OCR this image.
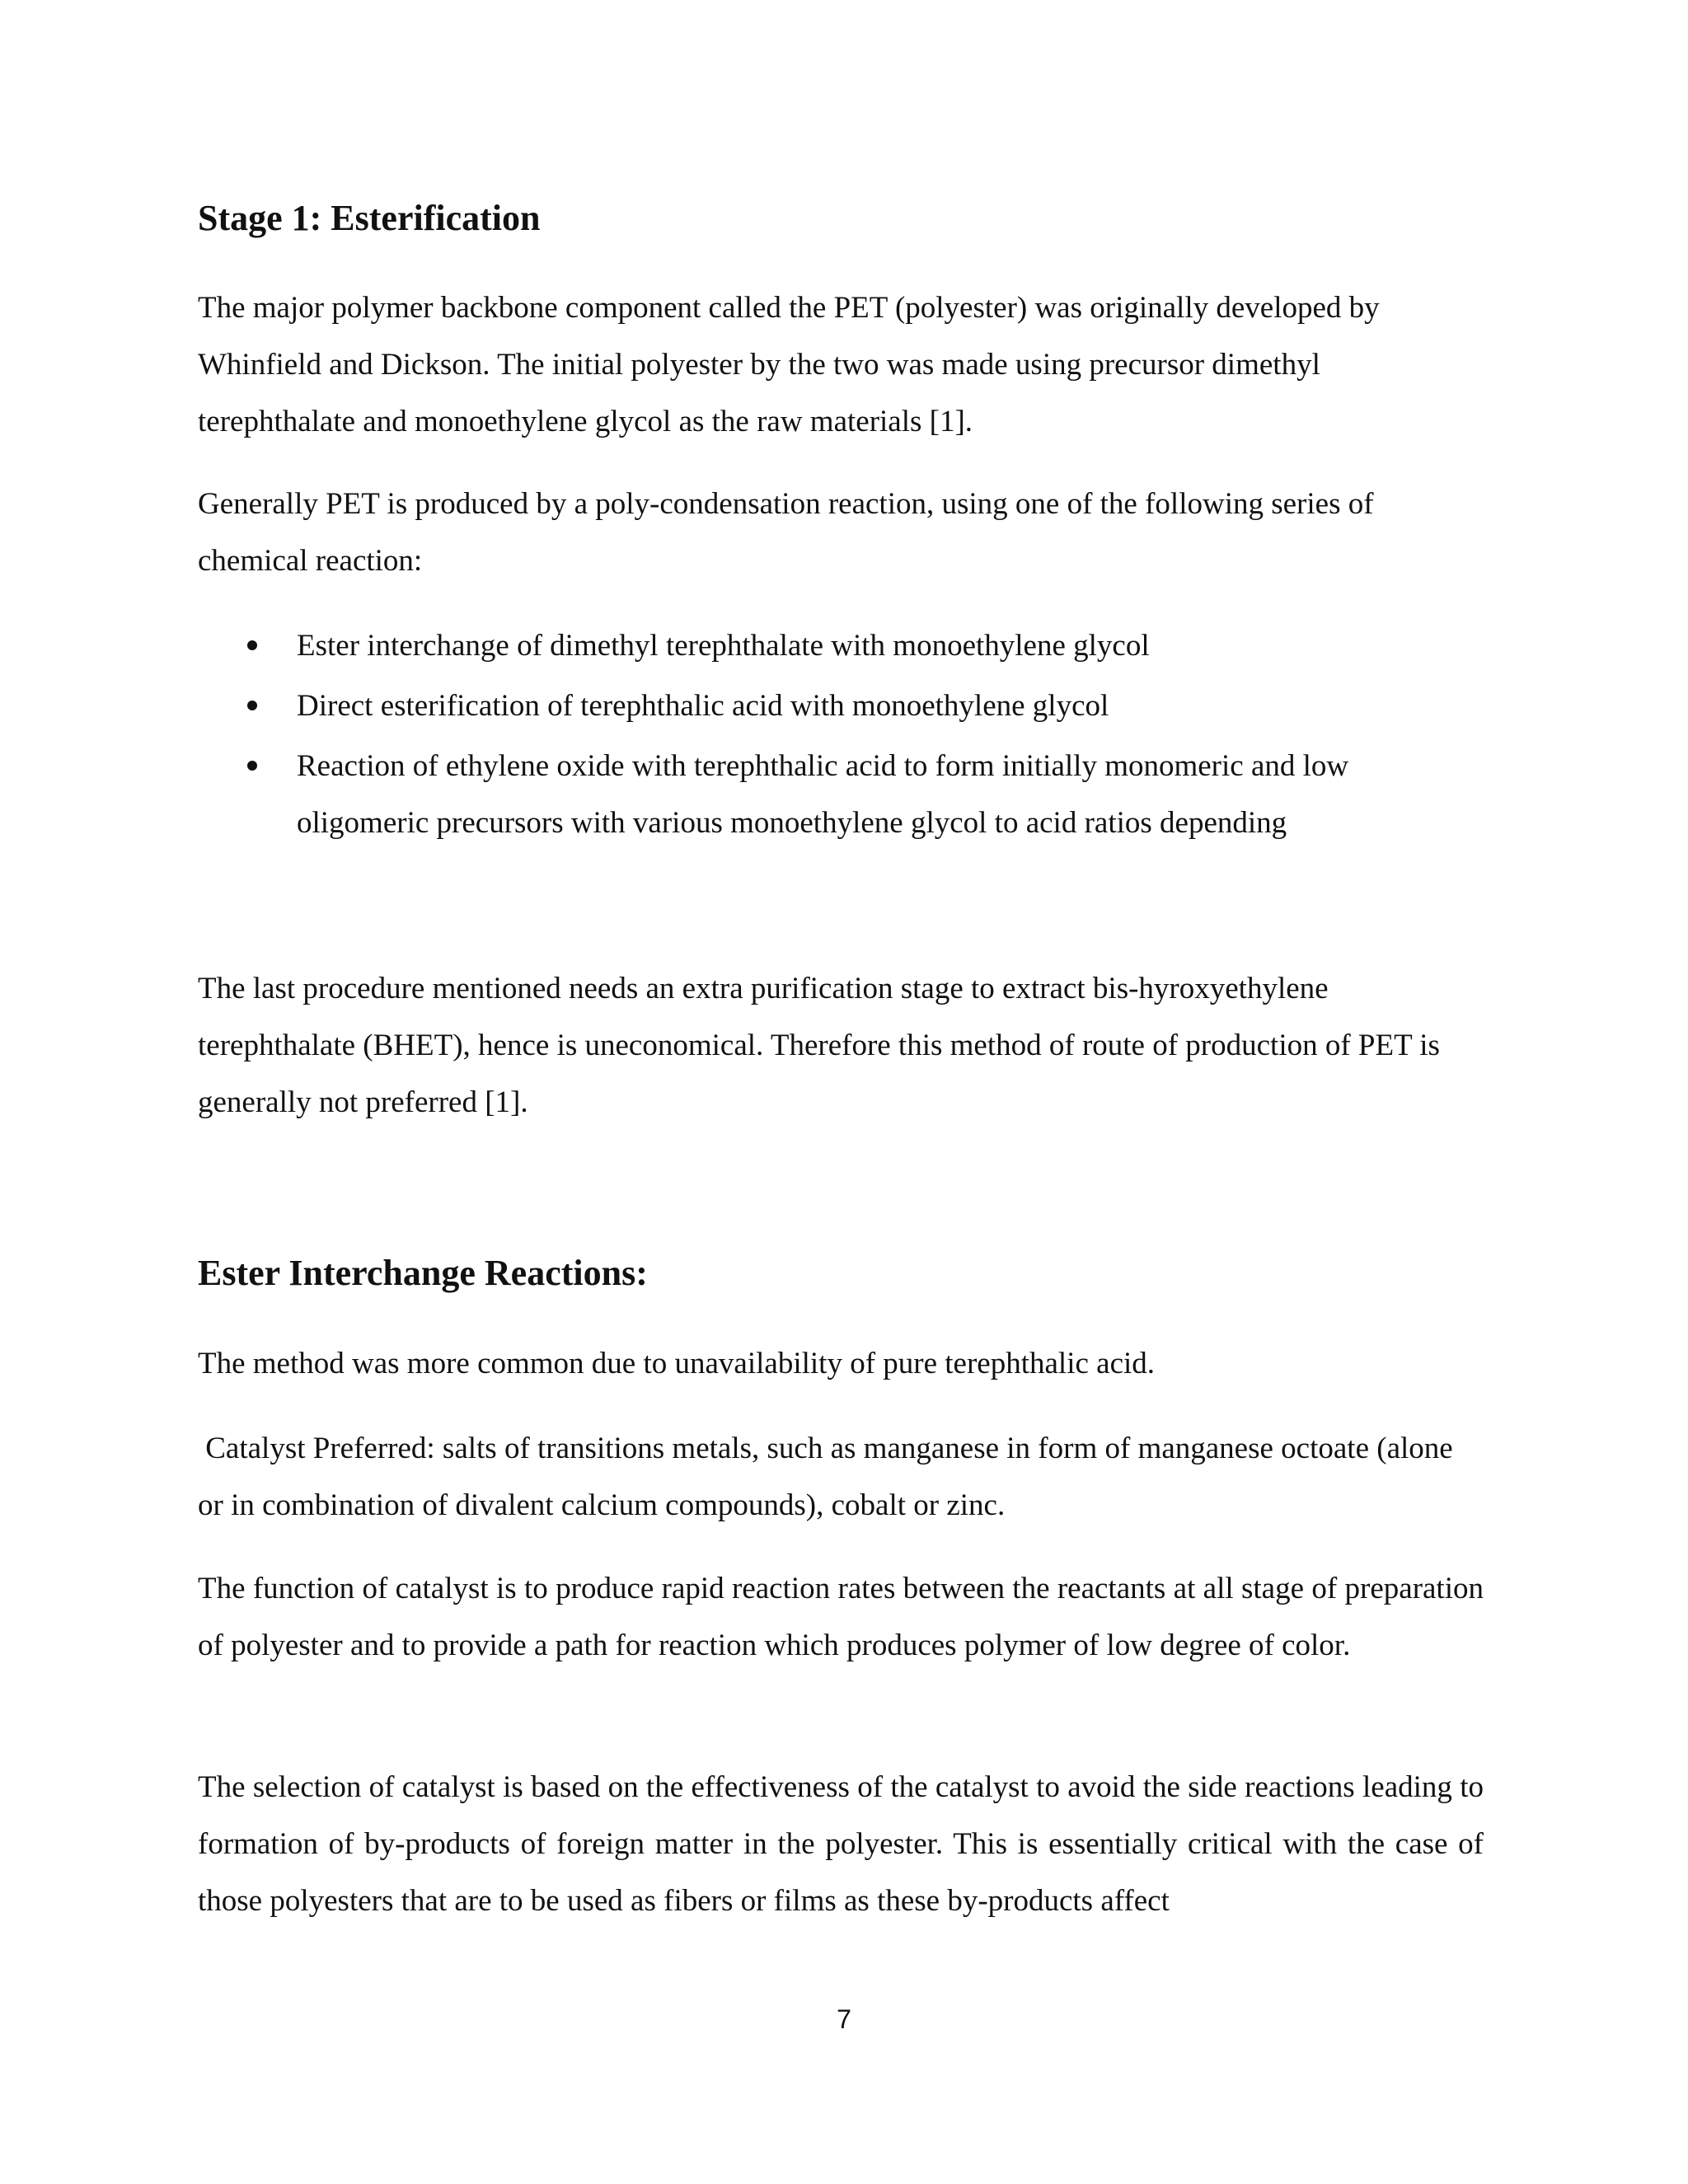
Stage 1: Esterification

The major polymer backbone component called the PET (polyester) was originally developed by Whinfield and Dickson. The initial polyester by the two was made using precursor dimethyl terephthalate and monoethylene glycol as the raw materials [1].

Generally PET is produced by a poly-condensation reaction, using one of the following series of chemical reaction:

Ester interchange of dimethyl terephthalate with monoethylene glycol
Direct esterification of terephthalic acid with monoethylene glycol
Reaction of ethylene oxide with terephthalic acid to form initially monomeric and low oligomeric precursors with various monoethylene glycol to acid ratios depending

The last procedure mentioned needs an extra purification stage to extract bis-hyroxyethylene terephthalate (BHET), hence is uneconomical. Therefore this method of route of production of PET is generally not preferred [1].

Ester Interchange Reactions:

The method was more common due to unavailability of pure terephthalic acid.

Catalyst Preferred: salts of transitions metals, such as manganese in form of manganese octoate (alone or in combination of divalent calcium compounds), cobalt or zinc.

The function of catalyst is to produce rapid reaction rates between the reactants at all stage of preparation of polyester and to provide a path for reaction which produces polymer of low degree of color.

The selection of catalyst is based on the effectiveness of the catalyst to avoid the side reactions leading to formation of by-products of foreign matter in the polyester. This is essentially critical with the case of those polyesters that are to be used as fibers or films as these by-products affect

7
